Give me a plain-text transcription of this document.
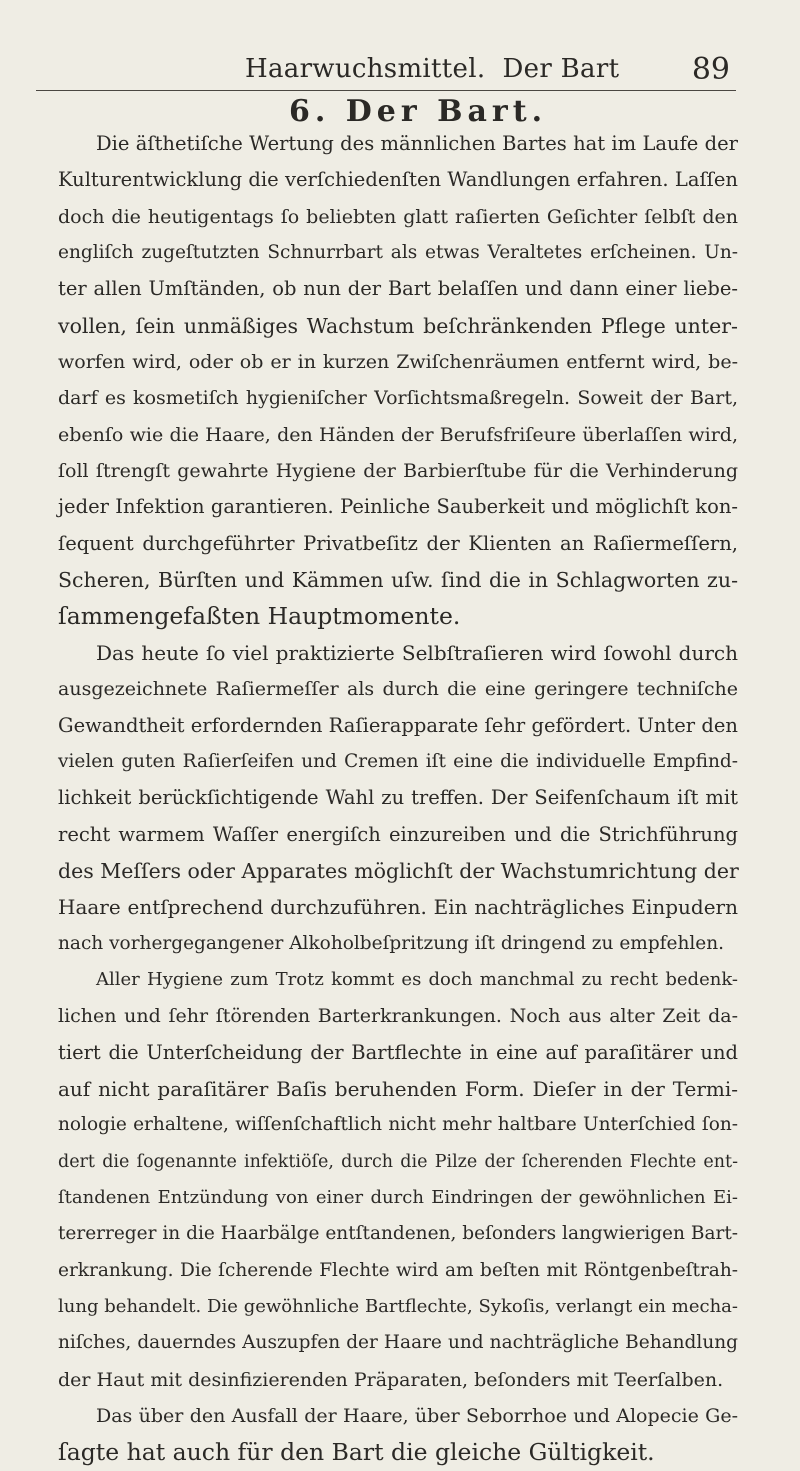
Haarwuchsmittel.  Der Bart 89
6. Der Bart.
Die äſthetiſche Wertung des männlichen Bartes hat im Laufe der
Kulturentwicklung die verſchiedenſten Wandlungen erfahren. Laſſen
doch die heutigentags ſo beliebten glatt raſierten Geſichter ſelbſt den
engliſch zugeſtutzten Schnurrbart als etwas Veraltetes erſcheinen. Un-
ter allen Umſtänden, ob nun der Bart belaſſen und dann einer liebe-
vollen, ſein unmäßiges Wachstum beſchränkenden Pflege unter-
worfen wird, oder ob er in kurzen Zwiſchenräumen entfernt wird, be-
darf es kosmetiſch hygieniſcher Vorſichtsmaßregeln. Soweit der Bart,
ebenſo wie die Haare, den Händen der Berufsfriſeure überlaſſen wird,
ſoll ſtrengſt gewahrte Hygiene der Barbierſtube für die Verhinderung
jeder Infektion garantieren. Peinliche Sauberkeit und möglichſt kon-
ſequent durchgeführter Privatbeſitz der Klienten an Raſiermeſſern,
Scheren, Bürſten und Kämmen uſw. ſind die in Schlagworten zu-
ſammengefaßten Hauptmomente.
Das heute ſo viel praktizierte Selbſtraſieren wird ſowohl durch
ausgezeichnete Raſiermeſſer als durch die eine geringere techniſche
Gewandtheit erfordernden Raſierapparate ſehr gefördert. Unter den
vielen guten Raſierſeifen und Cremen iſt eine die individuelle Empfind-
lichkeit berückſichtigende Wahl zu treffen. Der Seifenſchaum iſt mit
recht warmem Waſſer energiſch einzureiben und die Strichführung
des Meſſers oder Apparates möglichſt der Wachstumrichtung der
Haare entſprechend durchzuführen. Ein nachträgliches Einpudern
nach vorhergegangener Alkoholbeſpritzung iſt dringend zu empfehlen.
Aller Hygiene zum Trotz kommt es doch manchmal zu recht bedenk-
lichen und ſehr ſtörenden Barterkrankungen. Noch aus alter Zeit da-
tiert die Unterſcheidung der Bartflechte in eine auf paraſitärer und
auf nicht paraſitärer Baſis beruhenden Form. Dieſer in der Termi-
nologie erhaltene, wiſſenſchaftlich nicht mehr haltbare Unterſchied ſon-
dert die ſogenannte infektiöſe, durch die Pilze der ſcherenden Flechte ent-
ſtandenen Entzündung von einer durch Eindringen der gewöhnlichen Ei-
tererreger in die Haarbälge entſtandenen, beſonders langwierigen Bart-
erkrankung. Die ſcherende Flechte wird am beſten mit Röntgenbeſtrah-
lung behandelt. Die gewöhnliche Bartflechte, Sykoſis, verlangt ein mecha-
niſches, dauerndes Auszupfen der Haare und nachträgliche Behandlung
der Haut mit desinfizierenden Präparaten, beſonders mit Teerſalben.
Das über den Ausfall der Haare, über Seborrhoe und Alopecie Ge-
ſagte hat auch für den Bart die gleiche Gültigkeit.
